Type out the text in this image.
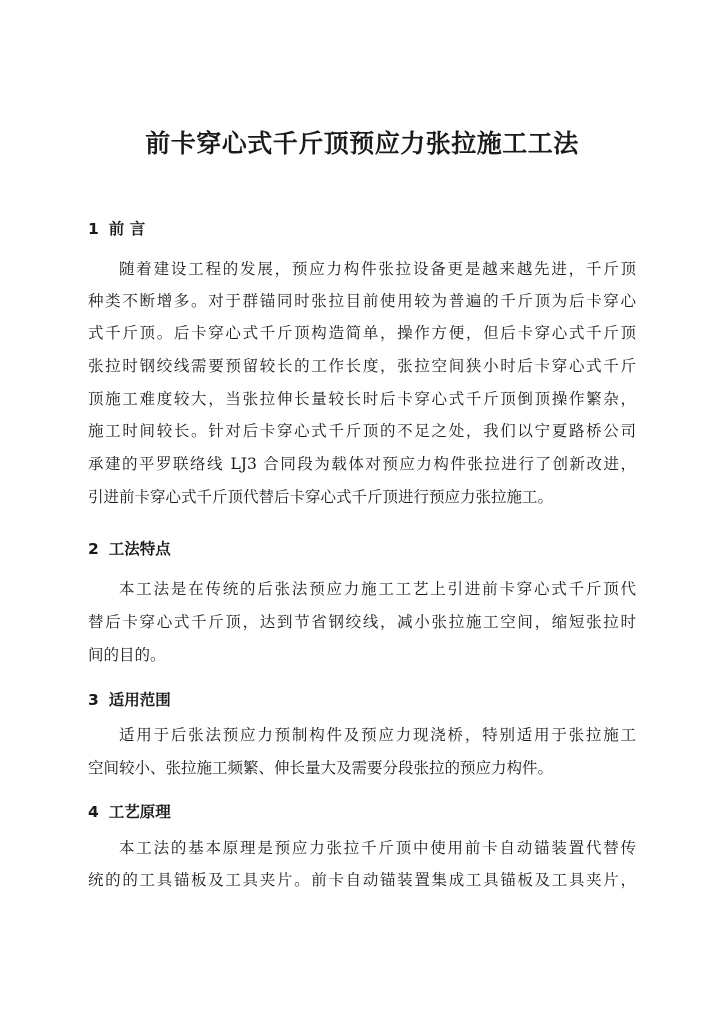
前卡穿心式千斤顶预应力张拉施工工法
1 前 言
随着建设工程的发展，预应力构件张拉设备更是越来越先进，千斤顶
种类不断增多。对于群锚同时张拉目前使用较为普遍的千斤顶为后卡穿心
式千斤顶。后卡穿心式千斤顶构造简单，操作方便，但后卡穿心式千斤顶
张拉时钢绞线需要预留较长的工作长度，张拉空间狭小时后卡穿心式千斤
顶施工难度较大，当张拉伸长量较长时后卡穿心式千斤顶倒顶操作繁杂，
施工时间较长。针对后卡穿心式千斤顶的不足之处，我们以宁夏路桥公司
承建的平罗联络线 LJ3 合同段为载体对预应力构件张拉进行了创新改进，
引进前卡穿心式千斤顶代替后卡穿心式千斤顶进行预应力张拉施工。
2 工法特点
本工法是在传统的后张法预应力施工工艺上引进前卡穿心式千斤顶代
替后卡穿心式千斤顶，达到节省钢绞线，减小张拉施工空间，缩短张拉时
间的目的。
3 适用范围
适用于后张法预应力预制构件及预应力现浇桥，特别适用于张拉施工
空间较小、张拉施工频繁、伸长量大及需要分段张拉的预应力构件。
4 工艺原理
本工法的基本原理是预应力张拉千斤顶中使用前卡自动锚装置代替传
统的的工具锚板及工具夹片。前卡自动锚装置集成工具锚板及工具夹片，
